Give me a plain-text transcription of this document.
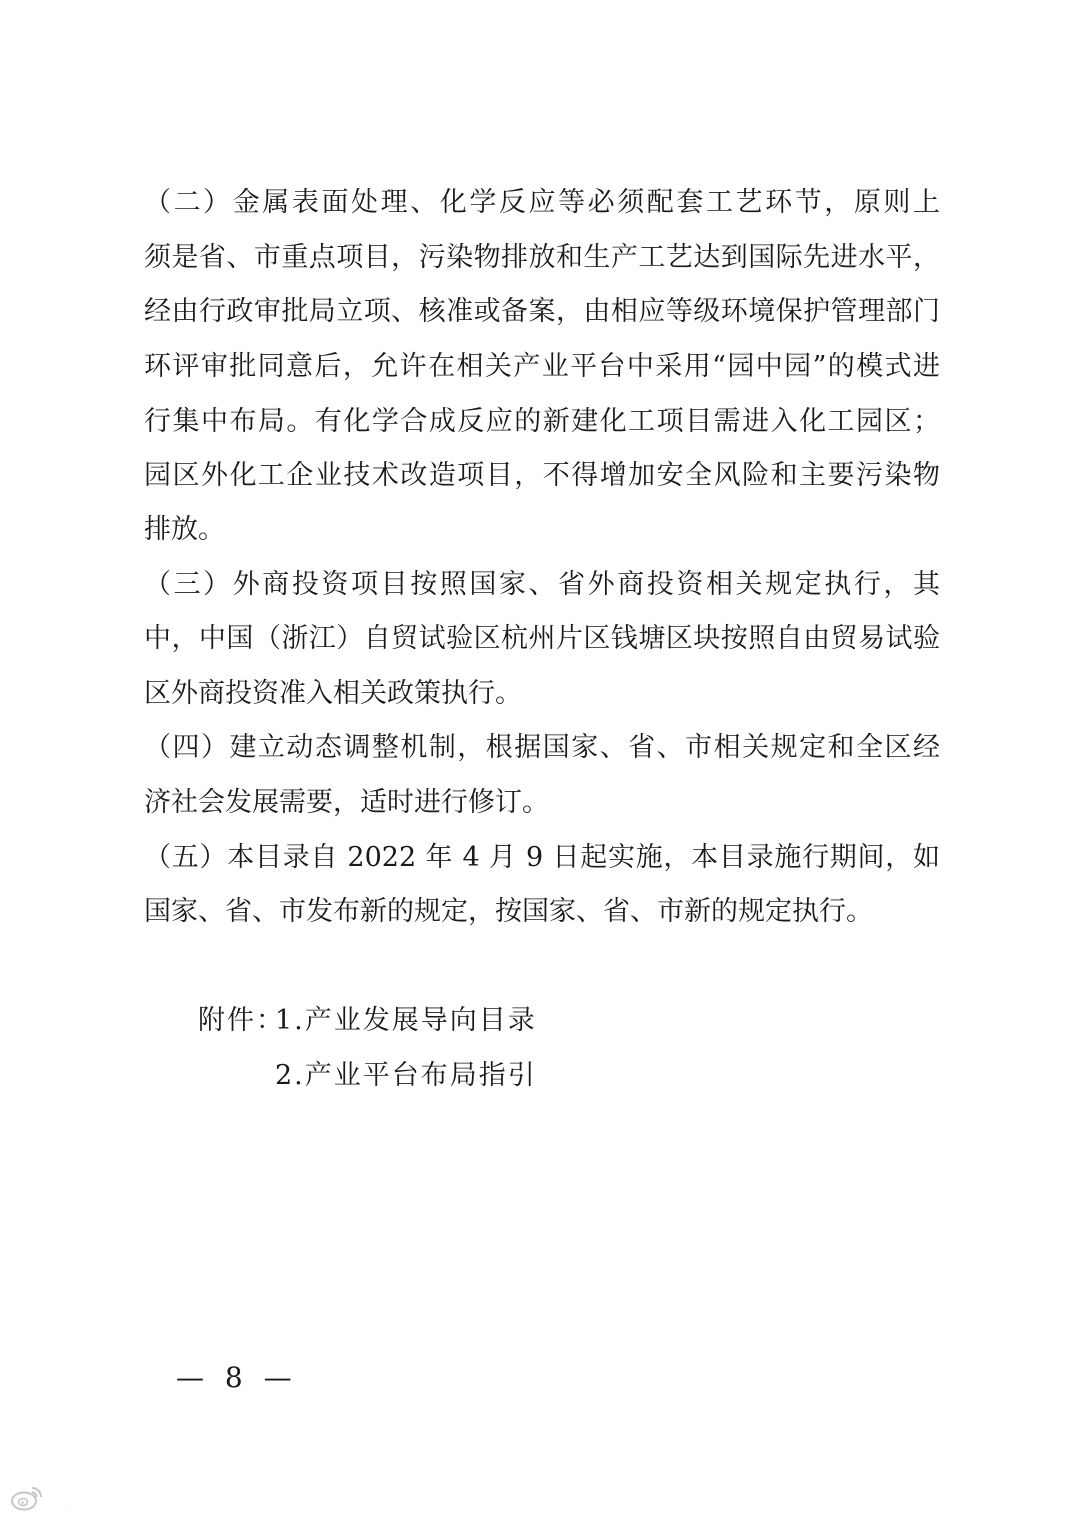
（二）金属表面处理、化学反应等必须配套工艺环节，原则上
须是省、市重点项目，污染物排放和生产工艺达到国际先进水平，
经由行政审批局立项、核准或备案，由相应等级环境保护管理部门
环评审批同意后，允许在相关产业平台中采用“园中园”的模式进
行集中布局。有化学合成反应的新建化工项目需进入化工园区；
园区外化工企业技术改造项目，不得增加安全风险和主要污染物
排放。
（三）外商投资项目按照国家、省外商投资相关规定执行，其
中，中国（浙江）自贸试验区杭州片区钱塘区块按照自由贸易试验
区外商投资准入相关政策执行。
（四）建立动态调整机制，根据国家、省、市相关规定和全区经
济社会发展需要，适时进行修订。
（五）本目录自 2022 年 4 月 9 日起实施，本目录施行期间，如
国家、省、市发布新的规定，按国家、省、市新的规定执行。
附件：
1.产业发展导向目录
2.产业平台布局指引
— 8 —
大数跨境
